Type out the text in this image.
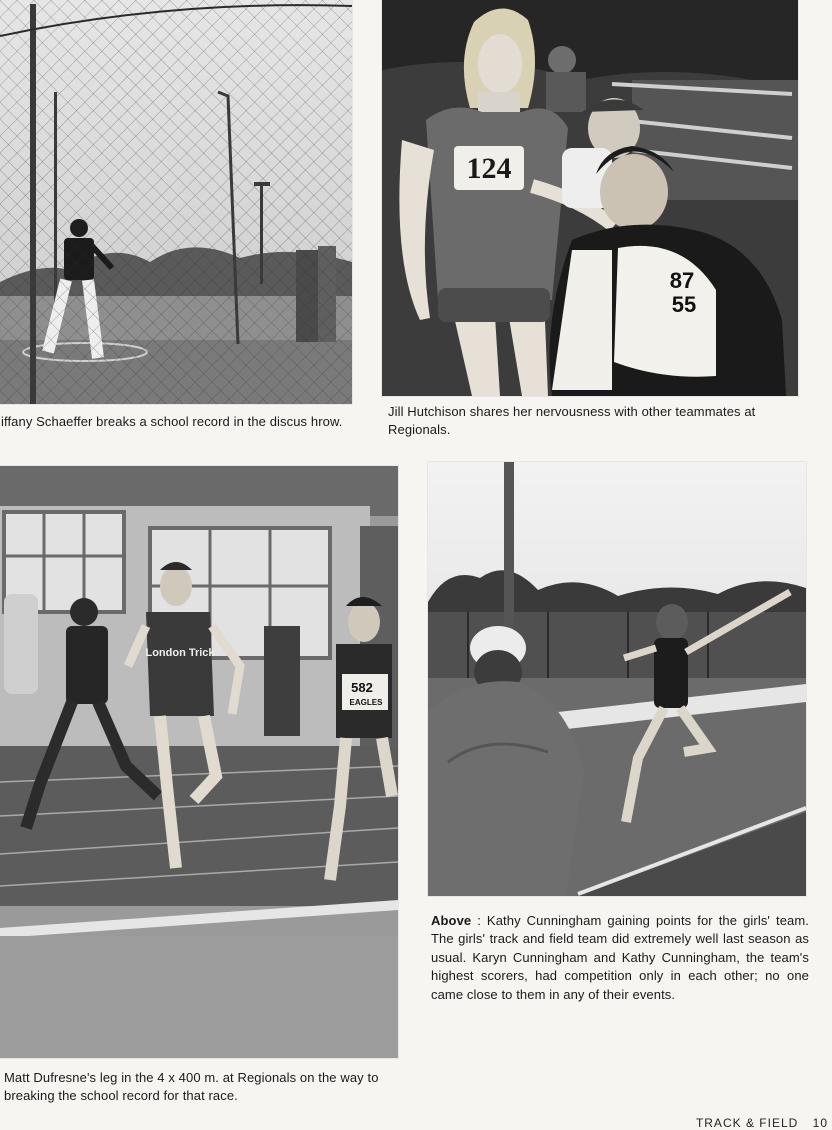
124
87
55
iffany Schaeffer breaks a school record in the discus hrow.
Jill Hutchison shares her nervousness with other teammates at Regionals.
London Trick
582
EAGLES
Above : Kathy Cunningham gaining points for the girls' team. The girls' track and field team did extremely well last season as usual. Karyn Cunningham and Kathy Cunningham, the team's highest scorers, had competition only in each other; no one came close to them in any of their events.
Matt Dufresne's leg in the 4 x 400 m. at Regionals on the way to breaking the school record for that race.
TRACK & FIELD 10
